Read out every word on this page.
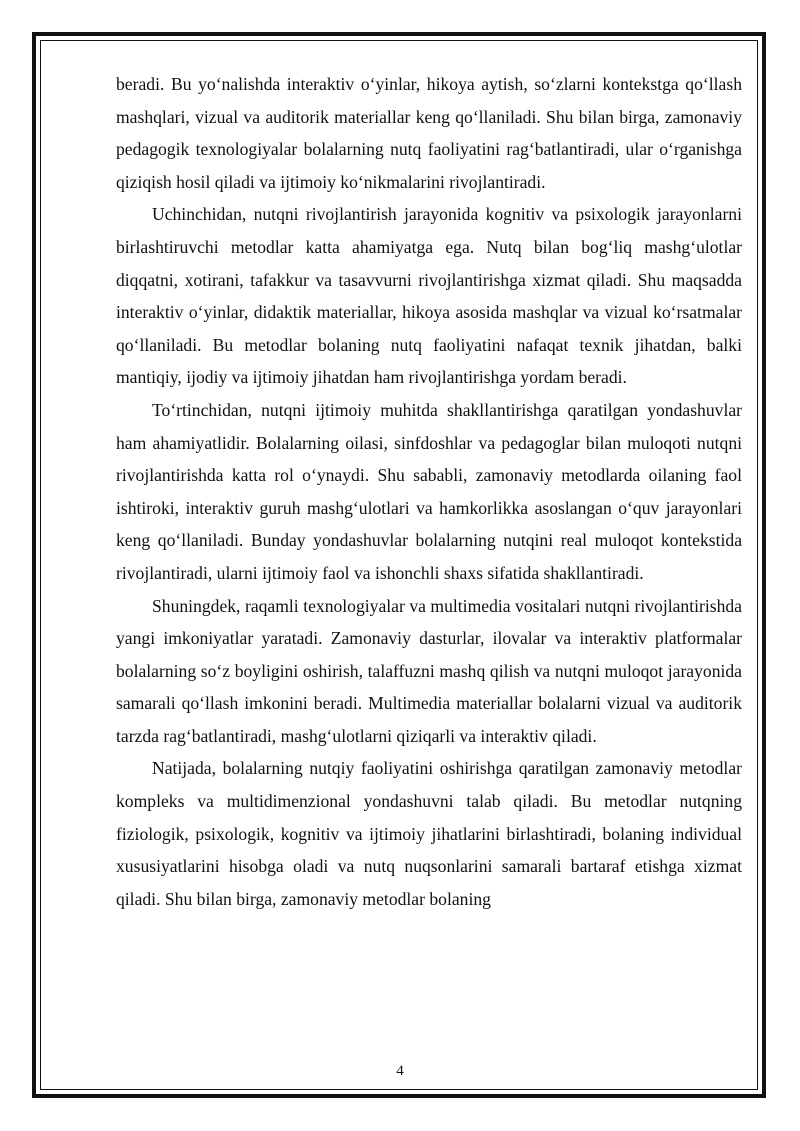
beradi. Bu yo‘nalishda interaktiv o‘yinlar, hikoya aytish, so‘zlarni kontekstga qo‘llash mashqlari, vizual va auditorik materiallar keng qo‘llaniladi. Shu bilan birga, zamonaviy pedagogik texnologiyalar bolalarning nutq faoliyatini rag‘batlantiradi, ular o‘rganishga qiziqish hosil qiladi va ijtimoiy ko‘nikmalarini rivojlantiradi.

Uchinchidan, nutqni rivojlantirish jarayonida kognitiv va psixologik jarayonlarni birlashtiruvchi metodlar katta ahamiyatga ega. Nutq bilan bog‘liq mashg‘ulotlar diqqatni, xotirani, tafakkur va tasavvurni rivojlantirishga xizmat qiladi. Shu maqsadda interaktiv o‘yinlar, didaktik materiallar, hikoya asosida mashqlar va vizual ko‘rsatmalar qo‘llaniladi. Bu metodlar bolaning nutq faoliyatini nafaqat texnik jihatdan, balki mantiqiy, ijodiy va ijtimoiy jihatdan ham rivojlantirishga yordam beradi.

To‘rtinchidan, nutqni ijtimoiy muhitda shakllantirishga qaratilgan yondashuvlar ham ahamiyatlidir. Bolalarning oilasi, sinfdoshlar va pedagoglar bilan muloqoti nutqni rivojlantirishda katta rol o‘ynaydi. Shu sababli, zamonaviy metodlarda oilaning faol ishtiroki, interaktiv guruh mashg‘ulotlari va hamkorlikka asoslangan o‘quv jarayonlari keng qo‘llaniladi. Bunday yondashuvlar bolalarning nutqini real muloqot kontekstida rivojlantiradi, ularni ijtimoiy faol va ishonchli shaxs sifatida shakllantiradi.

Shuningdek, raqamli texnologiyalar va multimedia vositalari nutqni rivojlantirishda yangi imkoniyatlar yaratadi. Zamonaviy dasturlar, ilovalar va interaktiv platformalar bolalarning so‘z boyligini oshirish, talaffuzni mashq qilish va nutqni muloqot jarayonida samarali qo‘llash imkonini beradi. Multimedia materiallar bolalarni vizual va auditorik tarzda rag‘batlantiradi, mashg‘ulotlarni qiziqarli va interaktiv qiladi.

Natijada, bolalarning nutqiy faoliyatini oshirishga qaratilgan zamonaviy metodlar kompleks va multidimenzional yondashuvni talab qiladi. Bu metodlar nutqning fiziologik, psixologik, kognitiv va ijtimoiy jihatlarini birlashtiradi, bolaning individual xususiyatlarini hisobga oladi va nutq nuqsonlarini samarali bartaraf etishga xizmat qiladi. Shu bilan birga, zamonaviy metodlar bolaning

4
